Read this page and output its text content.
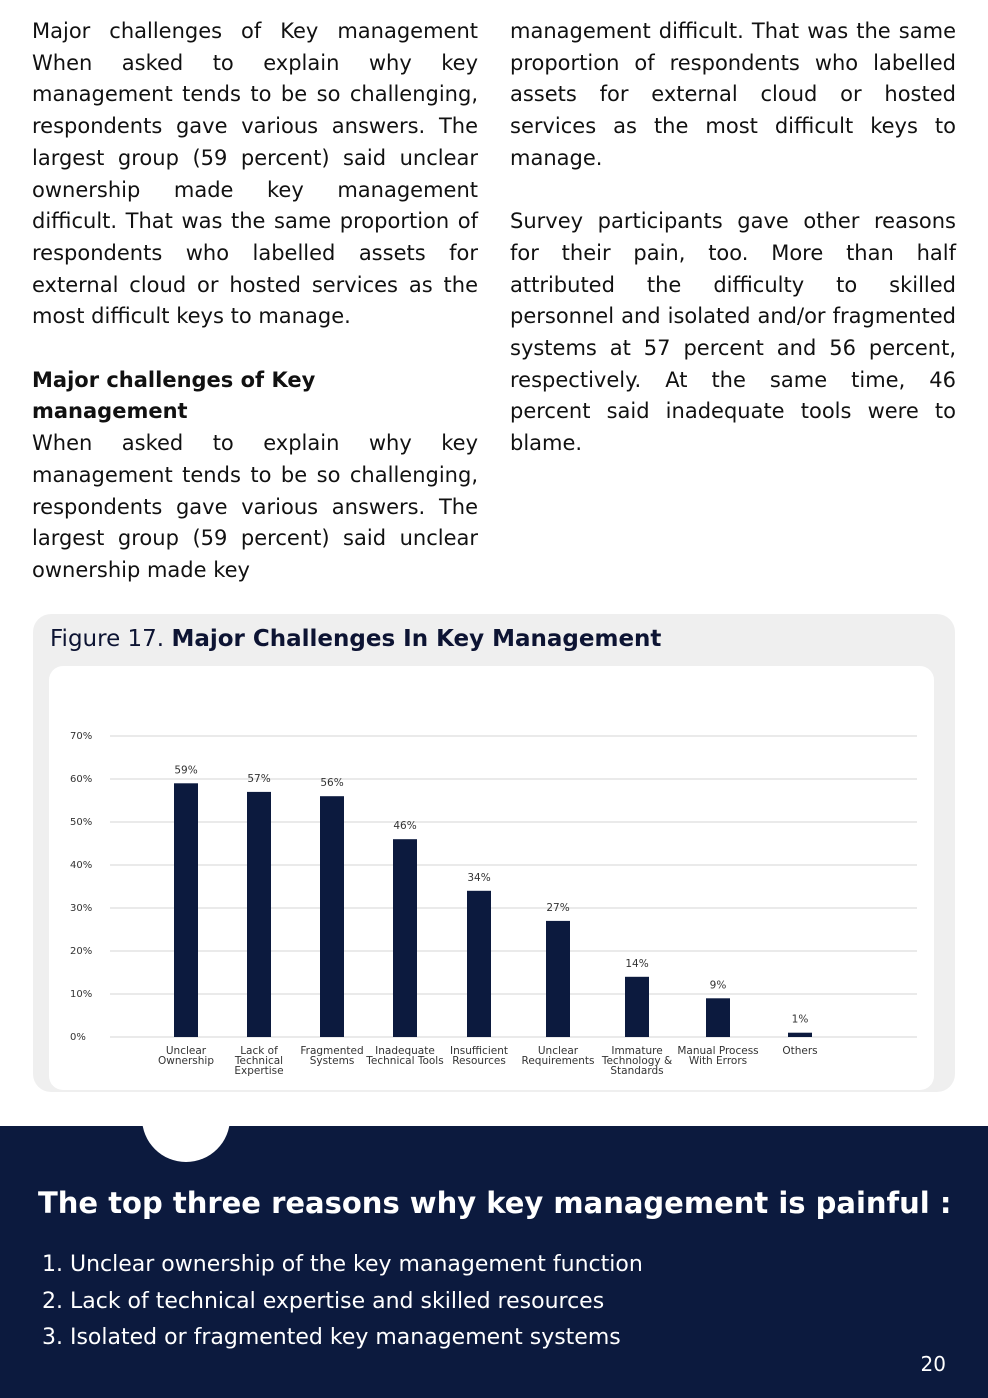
Major challenges of Key management When asked to explain why key management tends to be so challenging, respondents gave various answers. The largest group (59 percent) said unclear ownership made key management difficult. That was the same proportion of respondents who labelled assets for external cloud or hosted services as the most difficult keys to manage.

Major challenges of Key management

When asked to explain why key management tends to be so challenging, respondents gave various answers. The largest group (59 percent) said unclear ownership made key

management difficult. That was the same proportion of respondents who labelled assets for external cloud or hosted services as the most difficult keys to manage.

Survey participants gave other reasons for their pain, too. More than half attributed the difficulty to skilled personnel and isolated and/or fragmented systems at 57 percent and 56 percent, respectively. At the same time, 46 percent said inadequate tools were to blame.

Figure 17. Major Challenges In Key Management
0%
10%
20%
30%
40%
50%
60%
70%
59%
Unclear
Ownership
57%
Lack of
Technical
Expertise
56%
Fragmented
Systems
46%
Inadequate
Technical Tools
34%
Insufficient
Resources
27%
Unclear
Requirements
14%
Immature
Technology &
Standards
9%
Manual Process
With Errors
1%
Others
The top three reasons why key management is painful :
1. Unclear ownership of the key management function
2. Lack of technical expertise and skilled resources
3. Isolated or fragmented key management systems
20
